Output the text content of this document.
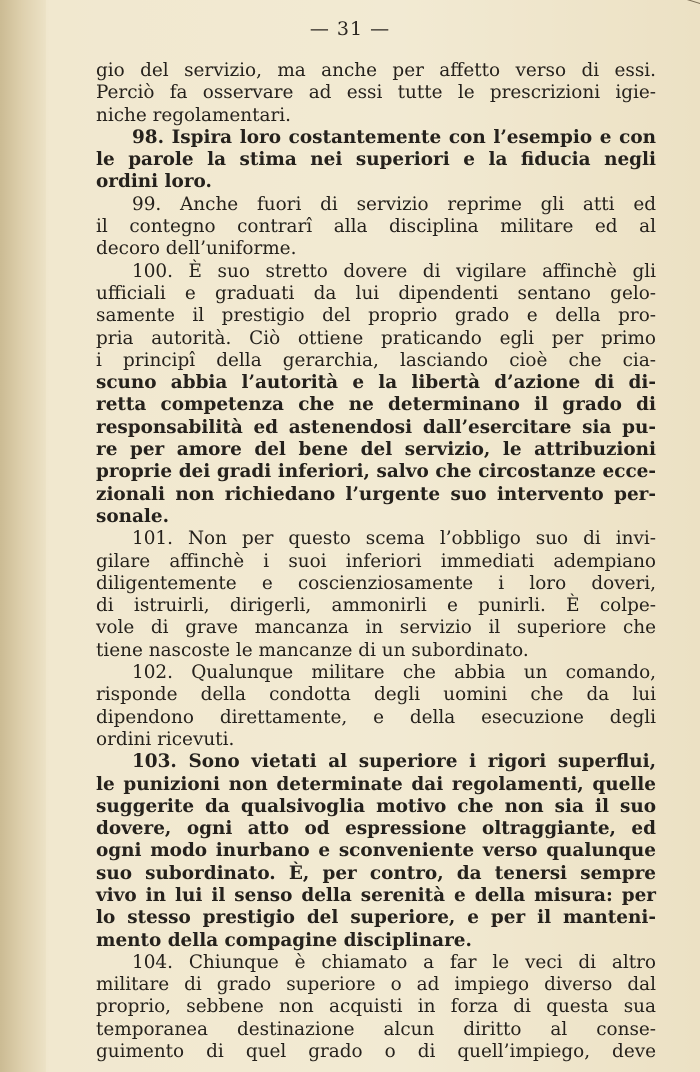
— 31 —
gio del servizio, ma anche per affetto verso di essi.
Perciò fa osservare ad essi tutte le prescrizioni igie-
niche regolamentari.
98. Ispira loro costantemente con l’esempio e con
le parole la stima nei superiori e la fiducia negli
ordini loro.
99. Anche fuori di servizio reprime gli atti ed
il contegno contrarî alla disciplina militare ed al
decoro dell’uniforme.
100. È suo stretto dovere di vigilare affinchè gli
ufficiali e graduati da lui dipendenti sentano gelo-
samente il prestigio del proprio grado e della pro-
pria autorità. Ciò ottiene praticando egli per primo
i principî della gerarchia, lasciando cioè che cia-
scuno abbia l’autorità e la libertà d’azione di di-
retta competenza che ne determinano il grado di
responsabilità ed astenendosi dall’esercitare sia pu-
re per amore del bene del servizio, le attribuzioni
proprie dei gradi inferiori, salvo che circostanze ecce-
zionali non richiedano l’urgente suo intervento per-
sonale.
101. Non per questo scema l’obbligo suo di invi-
gilare affinchè i suoi inferiori immediati adempiano
diligentemente e coscienziosamente i loro doveri,
di istruirli, dirigerli, ammonirli e punirli. È colpe-
vole di grave mancanza in servizio il superiore che
tiene nascoste le mancanze di un subordinato.
102. Qualunque militare che abbia un comando,
risponde della condotta degli uomini che da lui
dipendono direttamente, e della esecuzione degli
ordini ricevuti.
103. Sono vietati al superiore i rigori superflui,
le punizioni non determinate dai regolamenti, quelle
suggerite da qualsivoglia motivo che non sia il suo
dovere, ogni atto od espressione oltraggiante, ed
ogni modo inurbano e sconveniente verso qualunque
suo subordinato. È, per contro, da tenersi sempre
vivo in lui il senso della serenità e della misura: per
lo stesso prestigio del superiore, e per il manteni-
mento della compagine disciplinare.
104. Chiunque è chiamato a far le veci di altro
militare di grado superiore o ad impiego diverso dal
proprio, sebbene non acquisti in forza di questa sua
temporanea destinazione alcun diritto al conse-
guimento di quel grado o di quell’impiego, deve
